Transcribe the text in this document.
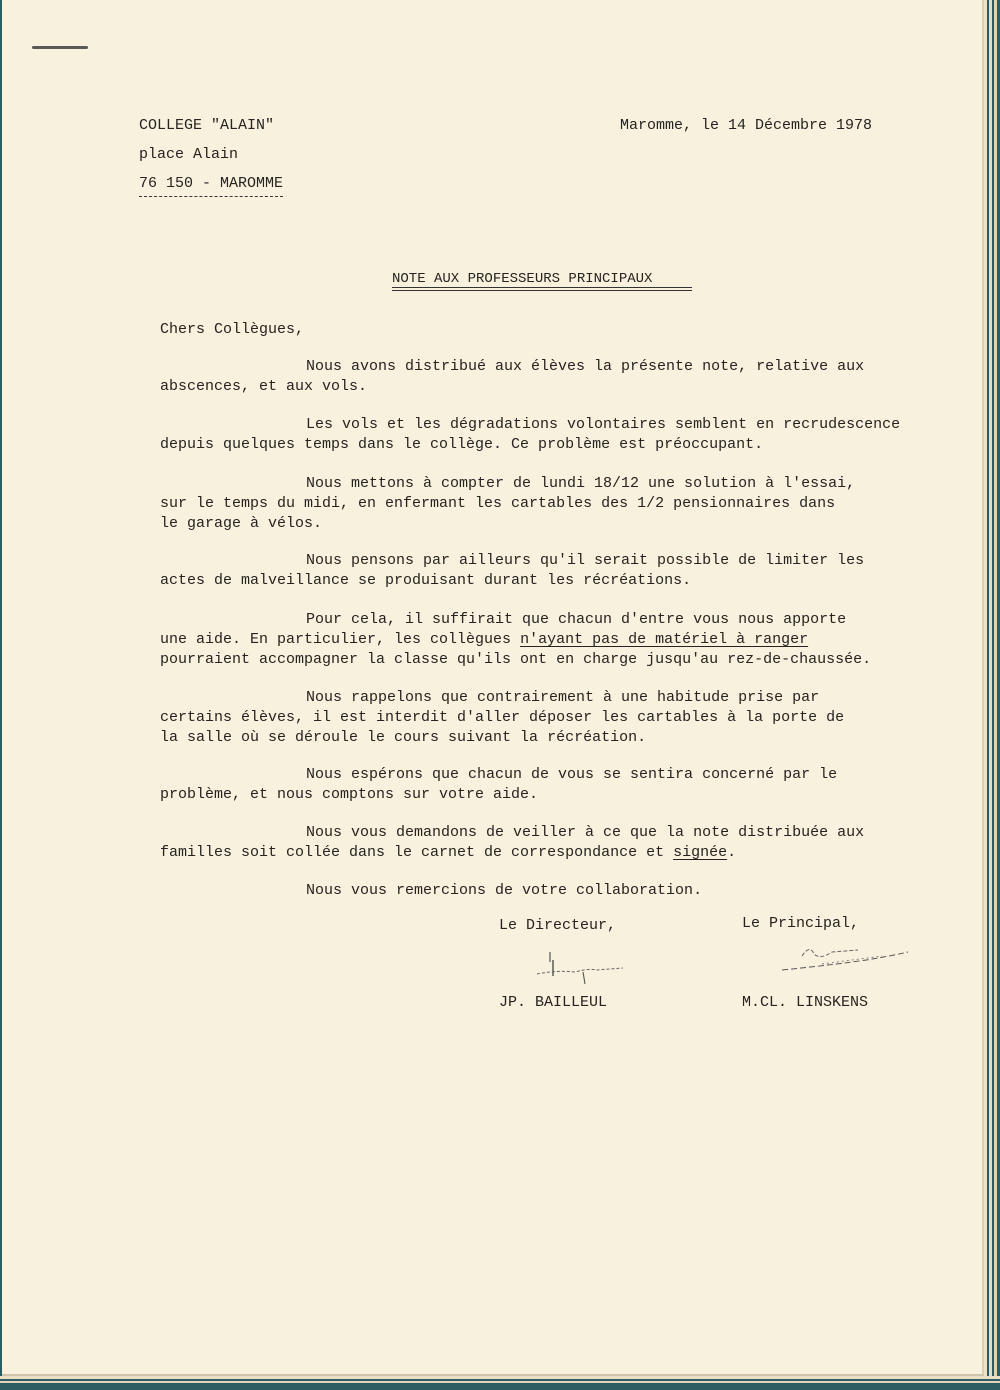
COLLEGE "ALAIN"
place Alain
76 150 - MAROMME
Maromme, le 14 Décembre 1978
NOTE AUX PROFESSEURS PRINCIPAUX
Chers Collègues,
Nous avons distribué aux élèves la présente note, relative aux
abscences, et aux vols.
Les vols et les dégradations volontaires semblent en recrudescence
depuis quelques temps dans le collège. Ce problème est préoccupant.
Nous mettons à compter de lundi 18/12 une solution à l'essai,
sur le temps du midi, en enfermant les cartables des 1/2 pensionnaires dans
le garage à vélos.
Nous pensons par ailleurs qu'il serait possible de limiter les
actes de malveillance se produisant durant les récréations.
Pour cela, il suffirait que chacun d'entre vous nous apporte
une aide. En particulier, les collègues n'ayant pas de matériel à ranger
pourraient accompagner la classe qu'ils ont en charge jusqu'au rez-de-chaussée.
Nous rappelons que contrairement à une habitude prise par
certains élèves, il est interdit d'aller déposer les cartables à la porte de
la salle où se déroule le cours suivant la récréation.
Nous espérons que chacun de vous se sentira concerné par le
problème, et nous comptons sur votre aide.
Nous vous demandons de veiller à ce que la note distribuée aux
familles soit collée dans le carnet de correspondance et signée.
Nous vous remercions de votre collaboration.
Le Directeur,	Le Principal,
JP. BAILLEUL	M.CL. LINSKENS
